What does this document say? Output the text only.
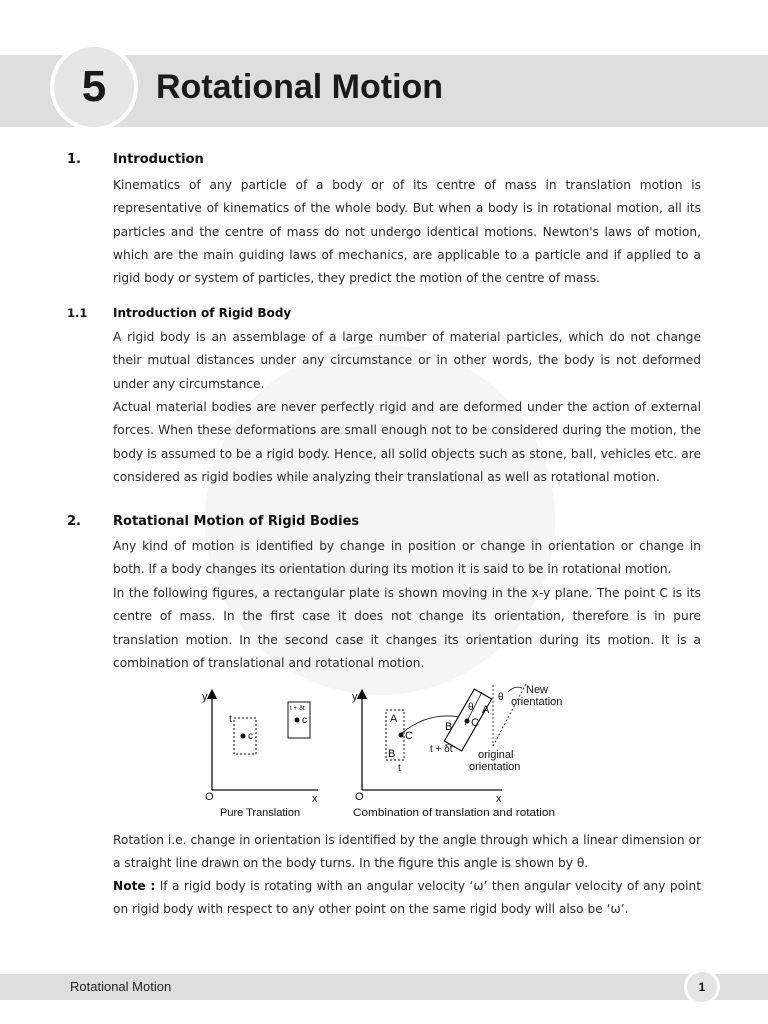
5	Rotational Motion
1. Introduction
Kinematics of any particle of a body or of its centre of mass in translation motion is representative of kinematics of the whole body. But when a body is in rotational motion, all its particles and the centre of mass do not undergo identical motions. Newton's laws of motion, which are the main guiding laws of mechanics, are applicable to a particle and if applied to a rigid body or system of particles, they predict the motion of the centre of mass.
1.1 Introduction of Rigid Body
A rigid body is an assemblage of a large number of material particles, which do not change their mutual distances under any circumstance or in other words, the body is not deformed under any circumstance.
Actual material bodies are never perfectly rigid and are deformed under the action of external forces. When these deformations are small enough not to be considered during the motion, the body is assumed to be a rigid body. Hence, all solid objects such as stone, ball, vehicles etc. are considered as rigid bodies while analyzing their translational as well as rotational motion.
2. Rotational Motion of Rigid Bodies
Any kind of motion is identified by change in position or change in orientation or change in both. If a body changes its orientation during its motion it is said to be in rotational motion.
In the following figures, a rectangular plate is shown moving in the x-y plane. The point C is its centre of mass. In the first case it does not change its orientation, therefore is in pure translation motion. In the second case it changes its orientation during its motion. It is a combination of translational and rotational motion.
y
x
O
t
c
t + δt
c
Pure Translation
y
x
O
A
B
C
t
t + δt
θ A
B C
θ
New
orientation
original
orientation
Combination of translation and rotation
Rotation i.e. change in orientation is identified by the angle through which a linear dimension or a straight line drawn on the body turns. In the figure this angle is shown by θ.
Note : If a rigid body is rotating with an angular velocity ‘ω’ then angular velocity of any point on rigid body with respect to any other point on the same rigid body will also be ‘ω’.
Rotational Motion	1
